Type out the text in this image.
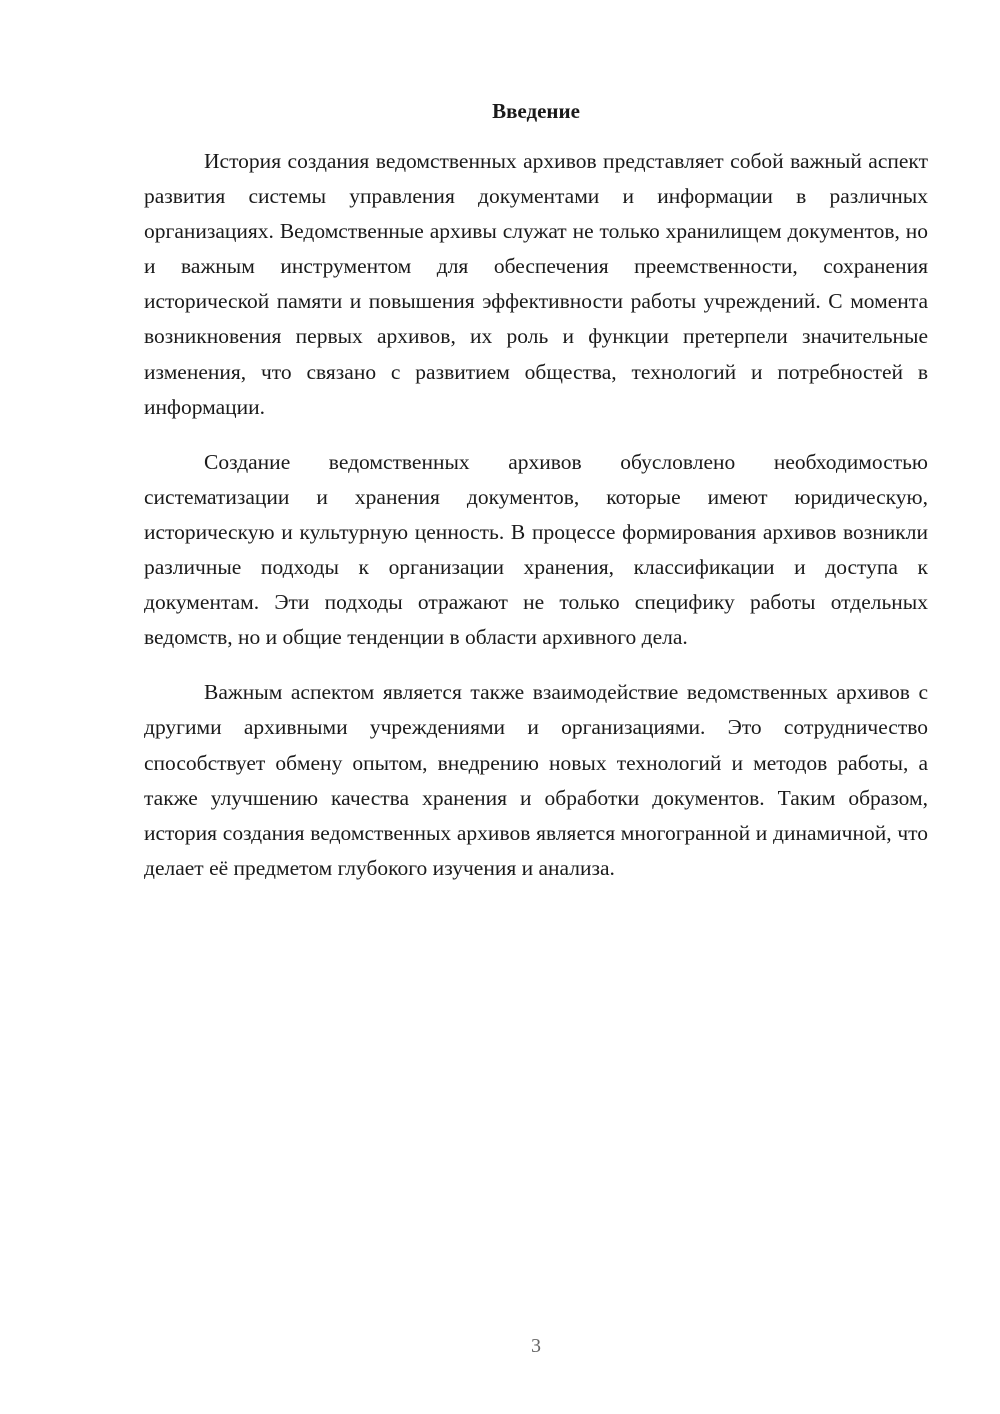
Введение

История создания ведомственных архивов представляет собой важный аспект развития системы управления документами и информации в различных организациях. Ведомственные архивы служат не только хранилищем документов, но и важным инструментом для обеспечения преемственности, сохранения исторической памяти и повышения эффективности работы учреждений. С момента возникновения первых архивов, их роль и функции претерпели значительные изменения, что связано с развитием общества, технологий и потребностей в информации.

Создание ведомственных архивов обусловлено необходимостью систематизации и хранения документов, которые имеют юридическую, историческую и культурную ценность. В процессе формирования архивов возникли различные подходы к организации хранения, классификации и доступа к документам. Эти подходы отражают не только специфику работы отдельных ведомств, но и общие тенденции в области архивного дела.

Важным аспектом является также взаимодействие ведомственных архивов с другими архивными учреждениями и организациями. Это сотрудничество способствует обмену опытом, внедрению новых технологий и методов работы, а также улучшению качества хранения и обработки документов. Таким образом, история создания ведомственных архивов является многогранной и динамичной, что делает её предметом глубокого изучения и анализа.

3
